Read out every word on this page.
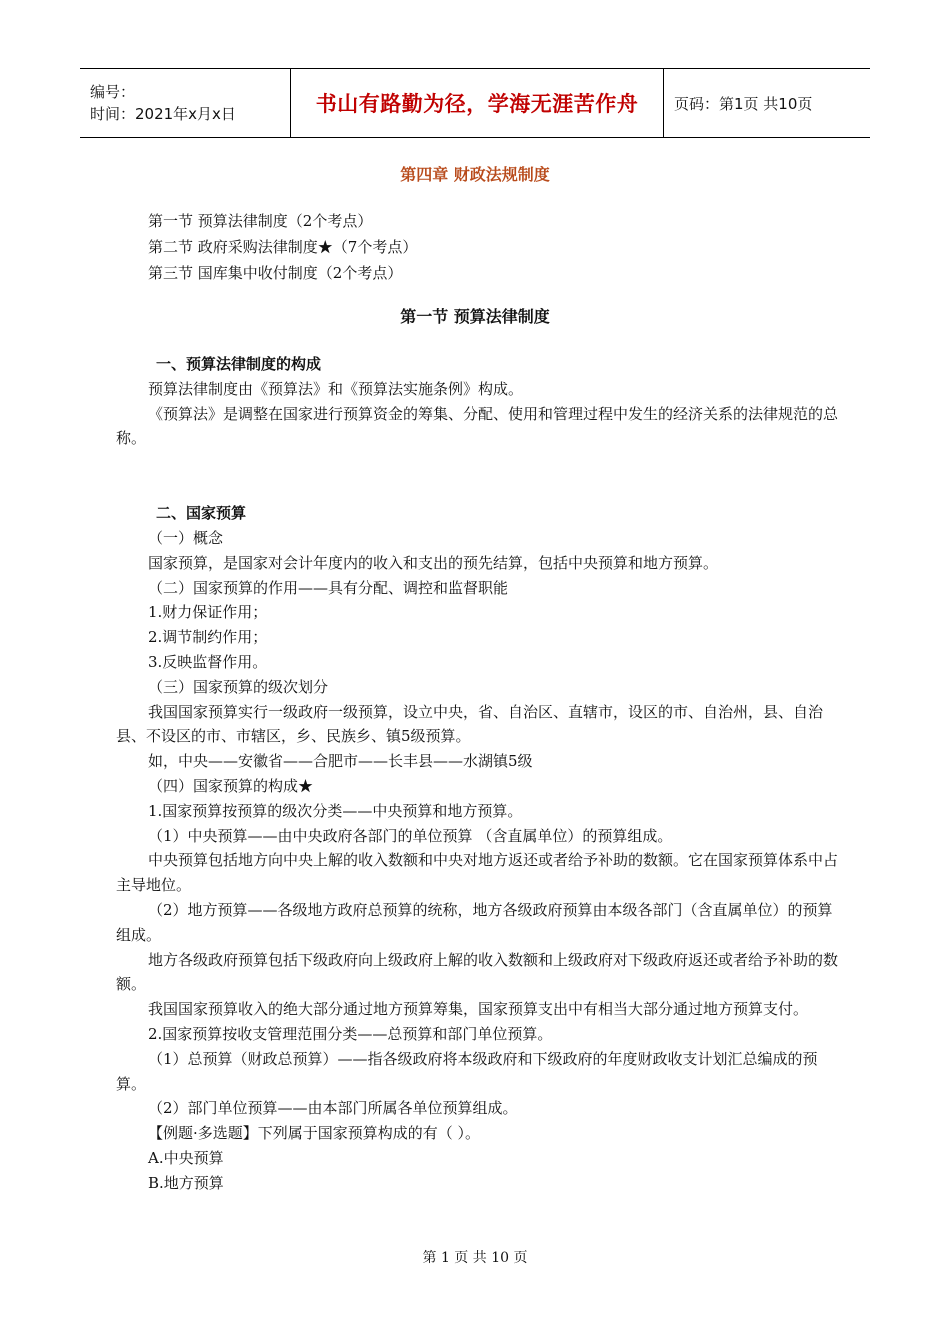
编号：
时间：2021年x月x日	书山有路勤为径，学海无涯苦作舟	页码：第1页 共10页
第四章 财政法规制度
第一节 预算法律制度（2个考点）
第二节 政府采购法律制度★（7个考点）
第三节 国库集中收付制度（2个考点）
第一节 预算法律制度

一、预算法律制度的构成

预算法律制度由《预算法》和《预算法实施条例》构成。

《预算法》是调整在国家进行预算资金的筹集、分配、使用和管理过程中发生的经济关系的法律规范的总称。

二、国家预算

（一）概念

国家预算，是国家对会计年度内的收入和支出的预先结算，包括中央预算和地方预算。

（二）国家预算的作用——具有分配、调控和监督职能

1.财力保证作用；

2.调节制约作用；

3.反映监督作用。

（三）国家预算的级次划分

我国国家预算实行一级政府一级预算，设立中央，省、自治区、直辖市，设区的市、自治州，县、自治县、不设区的市、市辖区，乡、民族乡、镇5级预算。

如，中央——安徽省——合肥市——长丰县——水湖镇5级

（四）国家预算的构成★

1.国家预算按预算的级次分类——中央预算和地方预算。

（1）中央预算——由中央政府各部门的单位预算 （含直属单位）的预算组成。

中央预算包括地方向中央上解的收入数额和中央对地方返还或者给予补助的数额。它在国家预算体系中占主导地位。

（2）地方预算——各级地方政府总预算的统称，地方各级政府预算由本级各部门（含直属单位）的预算组成。

地方各级政府预算包括下级政府向上级政府上解的收入数额和上级政府对下级政府返还或者给予补助的数额。

我国国家预算收入的绝大部分通过地方预算筹集，国家预算支出中有相当大部分通过地方预算支付。

2.国家预算按收支管理范围分类——总预算和部门单位预算。

（1）总预算（财政总预算）——指各级政府将本级政府和下级政府的年度财政收支计划汇总编成的预算。

（2）部门单位预算——由本部门所属各单位预算组成。

【例题·多选题】下列属于国家预算构成的有（ ）。

A.中央预算

B.地方预算

第 1 页 共 10 页
